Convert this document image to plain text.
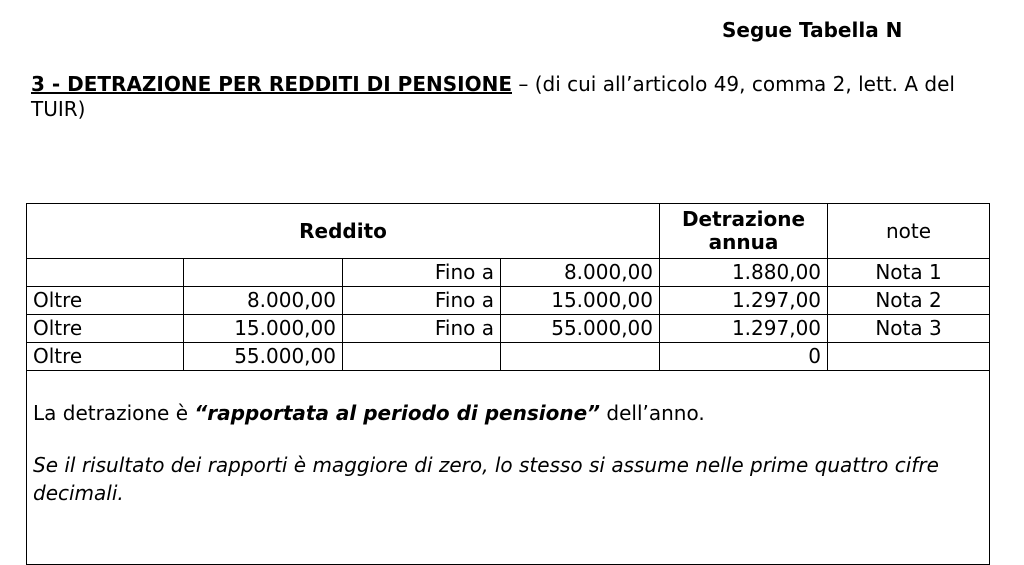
Segue Tabella N
3 - DETRAZIONE PER REDDITI DI PENSIONE – (di cui all’articolo 49, comma 2, lett. A del TUIR)
Reddito				Detrazione annua	note
		Fino a	8.000,00	1.880,00	Nota 1
Oltre	8.000,00	Fino a	15.000,00	1.297,00	Nota 2
Oltre	15.000,00	Fino a	55.000,00	1.297,00	Nota 3
Oltre	55.000,00			0	

La detrazione è “rapportata al periodo di pensione” dell’anno.

Se il risultato dei rapporti è maggiore di zero, lo stesso si assume nelle prime quattro cifre decimali.					
